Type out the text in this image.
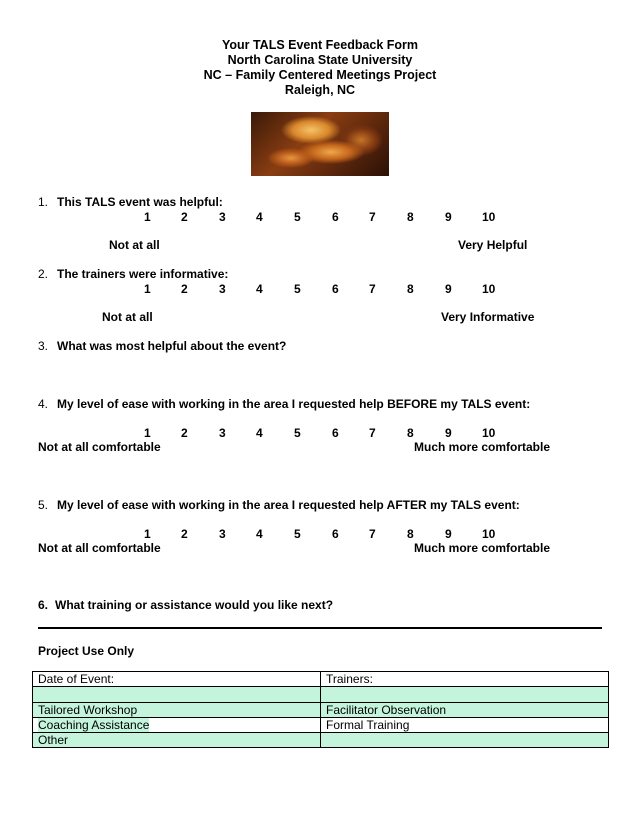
Your TALS Event Feedback Form
North Carolina State University
NC – Family Centered Meetings Project
Raleigh, NC
1. This TALS event was helpful:
1	2	3	4	5	6	7	8	9	10
Not at all	Very Helpful
2. The trainers were informative:
1	2	3	4	5	6	7	8	9	10
Not at all	Very Informative
3. What was most helpful about the event?
4. My level of ease with working in the area I requested help BEFORE my TALS event:
1	2	3	4	5	6	7	8	9	10
Not at all comfortable	Much more comfortable
5. My level of ease with working in the area I requested help AFTER my TALS event:
1	2	3	4	5	6	7	8	9	10
Not at all comfortable	Much more comfortable
6. What training or assistance would you like next?
Project Use Only
Date of Event:	Trainers:

Tailored Workshop	Facilitator Observation
Coaching Assistance	Formal Training
Other	
